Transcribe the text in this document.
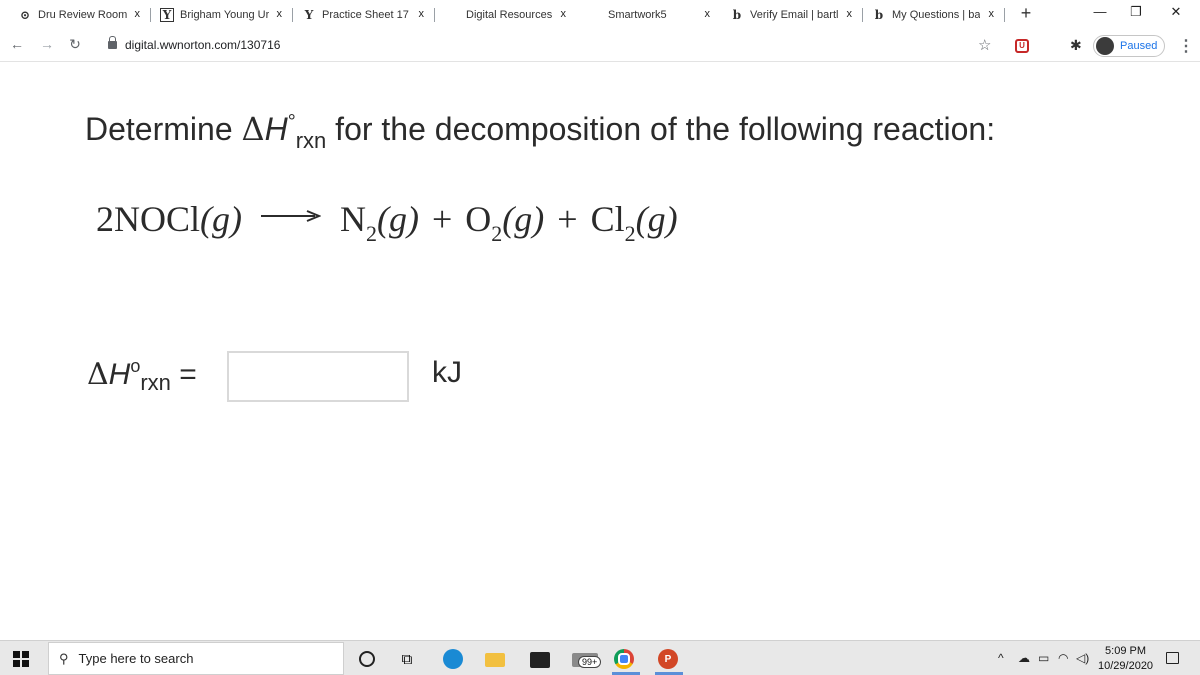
⊙ Dru Review Room x Y Brigham Young Ur x Y Practice Sheet 17 x	Digital Resources x	Smartwork5	x b Verify Email | bartl x b My Questions | ba x +	—	❐	✕
← → ↻	digital.wwnorton.com/130716	☆	U	✱	Paused ⋮
Determine $\Delta H^\circ_{rxn}$ for the decomposition of the following reaction:
2NOCl(g) → $N_2(g) + O_2(g) + Cl_2(g)$
$\Delta H^o_{rxn}$ =	kJ
⚲ Type here to search	⧉	99+	P	^ ☁ ▭ ◠ ◁)	5:09 PM
10/29/2020
